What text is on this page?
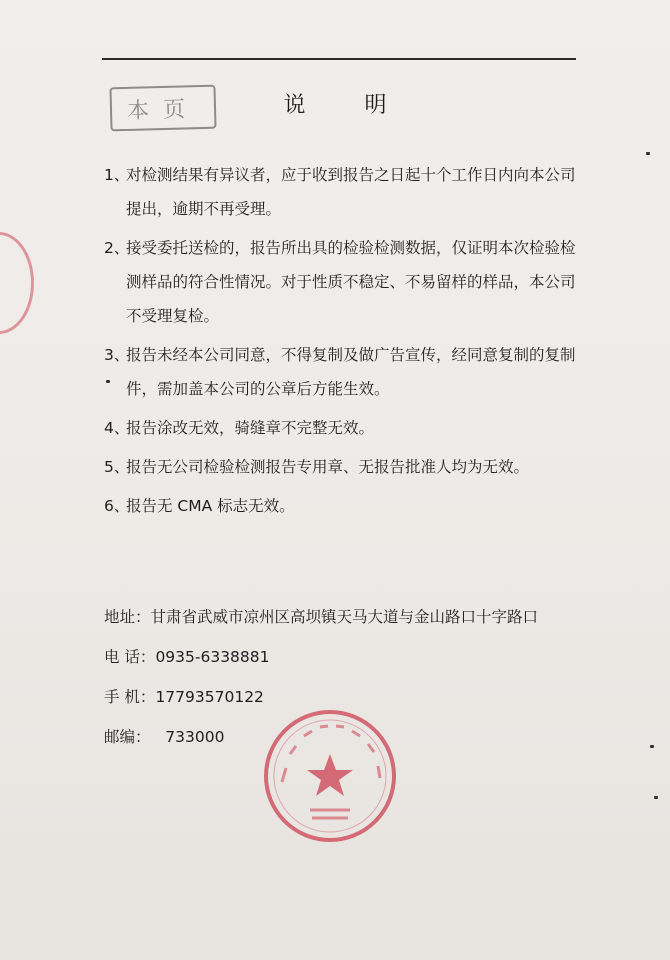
本页	说 明
1、
对检测结果有异议者，应于收到报告之日起十个工作日内向本公司提出，逾期不再受理。
2、
接受委托送检的，报告所出具的检验检测数据，仅证明本次检验检测样品的符合性情况。对于性质不稳定、不易留样的样品，本公司不受理复检。
3、
报告未经本公司同意，不得复制及做广告宣传，经同意复制的复制件，需加盖本公司的公章后方能生效。
4、
报告涂改无效，骑缝章不完整无效。
5、
报告无公司检验检测报告专用章、无报告批准人均为无效。
6、
报告无 CMA 标志无效。
地址：甘肃省武威市凉州区高坝镇天马大道与金山路口十字路口
电 话：0935-6338881
手 机：17793570122
邮编： 733000
